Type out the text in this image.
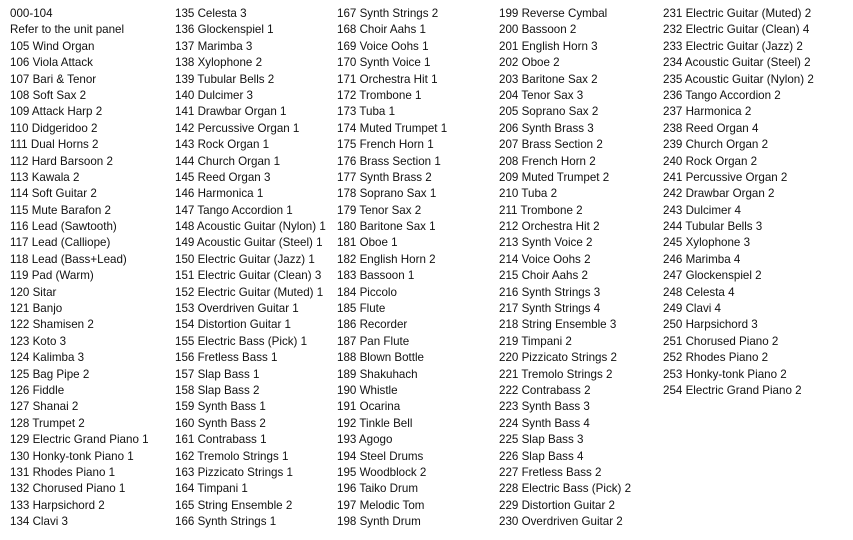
000-104
Refer to the unit panel
105 Wind Organ
106 Viola Attack
107 Bari & Tenor
108 Soft Sax 2
109 Attack Harp 2
110 Didgeridoo 2
111 Dual Horns 2
112 Hard Barsoon 2
113 Kawala 2
114 Soft Guitar 2
115 Mute Barafon 2
116 Lead (Sawtooth)
117 Lead (Calliope)
118 Lead (Bass+Lead)
119 Pad (Warm)
120 Sitar
121 Banjo
122 Shamisen 2
123 Koto 3
124 Kalimba 3
125 Bag Pipe 2
126 Fiddle
127 Shanai 2
128 Trumpet 2
129 Electric Grand Piano 1
130 Honky-tonk Piano 1
131 Rhodes Piano 1
132 Chorused Piano 1
133 Harpsichord 2
134 Clavi 3
135 Celesta 3
136 Glockenspiel 1
137 Marimba 3
138 Xylophone 2
139 Tubular Bells 2
140 Dulcimer 3
141 Drawbar Organ 1
142 Percussive Organ 1
143 Rock Organ 1
144 Church Organ 1
145 Reed Organ 3
146 Harmonica 1
147 Tango Accordion 1
148 Acoustic Guitar (Nylon) 1
149 Acoustic Guitar (Steel) 1
150 Electric Guitar (Jazz) 1
151 Electric Guitar (Clean) 3
152 Electric Guitar (Muted) 1
153 Overdriven Guitar 1
154 Distortion Guitar 1
155 Electric Bass (Pick) 1
156 Fretless Bass 1
157 Slap Bass 1
158 Slap Bass 2
159 Synth Bass 1
160 Synth Bass 2
161 Contrabass 1
162 Tremolo Strings 1
163 Pizzicato Strings 1
164 Timpani 1
165 String Ensemble 2
166 Synth Strings 1
167 Synth Strings 2
168 Choir Aahs 1
169 Voice Oohs 1
170 Synth Voice 1
171 Orchestra Hit 1
172 Trombone 1
173 Tuba 1
174 Muted Trumpet 1
175 French Horn 1
176 Brass Section 1
177 Synth Brass 2
178 Soprano Sax 1
179 Tenor Sax 2
180 Baritone Sax 1
181 Oboe 1
182 English Horn 2
183 Bassoon 1
184 Piccolo
185 Flute
186 Recorder
187 Pan Flute
188 Blown Bottle
189 Shakuhach
190 Whistle
191 Ocarina
192 Tinkle Bell
193 Agogo
194 Steel Drums
195 Woodblock 2
196 Taiko Drum
197 Melodic Tom
198 Synth Drum
199 Reverse Cymbal
200 Bassoon 2
201 English Horn 3
202 Oboe 2
203 Baritone Sax 2
204 Tenor Sax 3
205 Soprano Sax 2
206 Synth Brass 3
207 Brass Section 2
208 French Horn 2
209 Muted Trumpet 2
210 Tuba 2
211 Trombone 2
212 Orchestra Hit 2
213 Synth Voice 2
214 Voice Oohs 2
215 Choir Aahs 2
216 Synth Strings 3
217 Synth Strings 4
218 String Ensemble 3
219 Timpani 2
220 Pizzicato Strings 2
221 Tremolo Strings 2
222 Contrabass 2
223 Synth Bass 3
224 Synth Bass 4
225 Slap Bass 3
226 Slap Bass 4
227 Fretless Bass 2
228 Electric Bass (Pick) 2
229 Distortion Guitar 2
230 Overdriven Guitar 2
231 Electric Guitar (Muted) 2
232 Electric Guitar (Clean) 4
233 Electric Guitar (Jazz) 2
234 Acoustic Guitar (Steel) 2
235 Acoustic Guitar (Nylon) 2
236 Tango Accordion 2
237 Harmonica 2
238 Reed Organ 4
239 Church Organ 2
240 Rock Organ 2
241 Percussive Organ 2
242 Drawbar Organ 2
243 Dulcimer 4
244 Tubular Bells 3
245 Xylophone 3
246 Marimba 4
247 Glockenspiel 2
248 Celesta 4
249 Clavi 4
250 Harpsichord 3
251 Chorused Piano 2
252 Rhodes Piano 2
253 Honky-tonk Piano 2
254 Electric Grand Piano 2
